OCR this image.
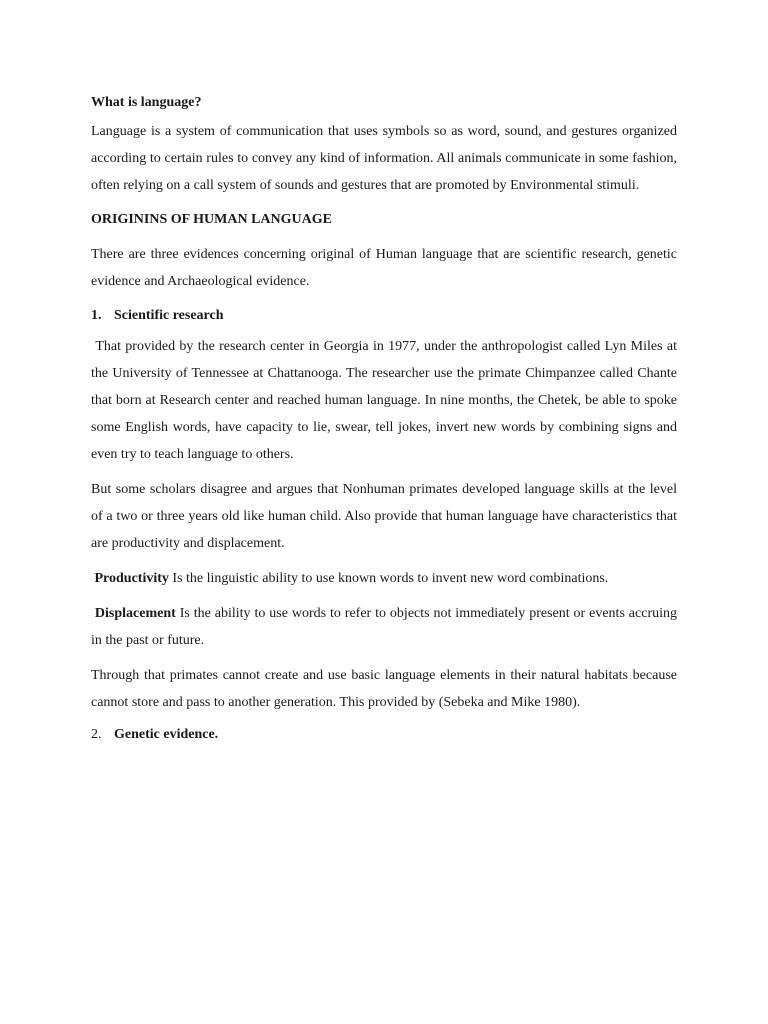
What is language?

Language is a system of communication that uses symbols so as word, sound, and gestures organized according to certain rules to convey any kind of information. All animals communicate in some fashion, often relying on a call system of sounds and gestures that are promoted by Environmental stimuli.

ORIGININS OF HUMAN LANGUAGE

There are three evidences concerning original of Human language that are scientific research, genetic evidence and Archaeological evidence.

1. Scientific research

That provided by the research center in Georgia in 1977, under the anthropologist called Lyn Miles at the University of Tennessee at Chattanooga. The researcher use the primate Chimpanzee called Chante that born at Research center and reached human language. In nine months, the Chetek, be able to spoke some English words, have capacity to lie, swear, tell jokes, invert new words by combining signs and even try to teach language to others.

But some scholars disagree and argues that Nonhuman primates developed language skills at the level of a two or three years old like human child. Also provide that human language have characteristics that are productivity and displacement.

Productivity Is the linguistic ability to use known words to invent new word combinations.

Displacement Is the ability to use words to refer to objects not immediately present or events accruing in the past or future.

Through that primates cannot create and use basic language elements in their natural habitats because cannot store and pass to another generation. This provided by (Sebeka and Mike 1980).

2. Genetic evidence.
